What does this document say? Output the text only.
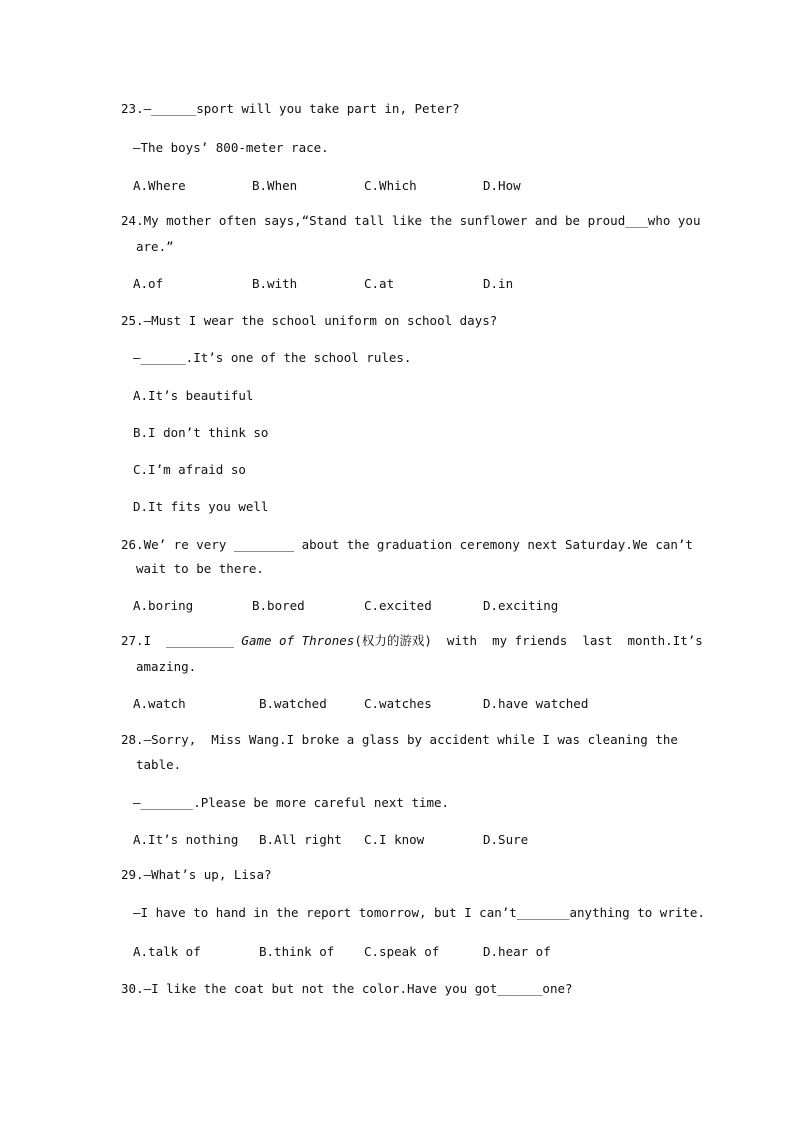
23.—______sport will you take part in, Peter?
—The boys’ 800-meter race.
A.Where	B.When	C.Which	D.How
24.My mother often says,“Stand tall like the sunflower and be proud___who you
are.”
A.of	B.with	C.at	D.in
25.—Must I wear the school uniform on school days?
—______.It’s one of the school rules.
A.It’s beautiful
B.I don’t think so
C.I’m afraid so
D.It fits you well
26.We’ re very ________ about the graduation ceremony next Saturday.We can’t
wait to be there.
A.boring	B.bored	C.excited	D.exciting
27.I  _________ Game of Thrones(权力的游戏)  with  my friends  last  month.It’s
amazing.
A.watch	B.watched	C.watches	D.have watched
28.—Sorry,  Miss Wang.I broke a glass by accident while I was cleaning the
table.
—_______.Please be more careful next time.
A.It’s nothing B.All right C.I know	D.Sure
29.—What’s up, Lisa?
—I have to hand in the report tomorrow, but I can’t_______anything to write.
A.talk of	B.think of C.speak of	D.hear of
30.—I like the coat but not the color.Have you got______one?
